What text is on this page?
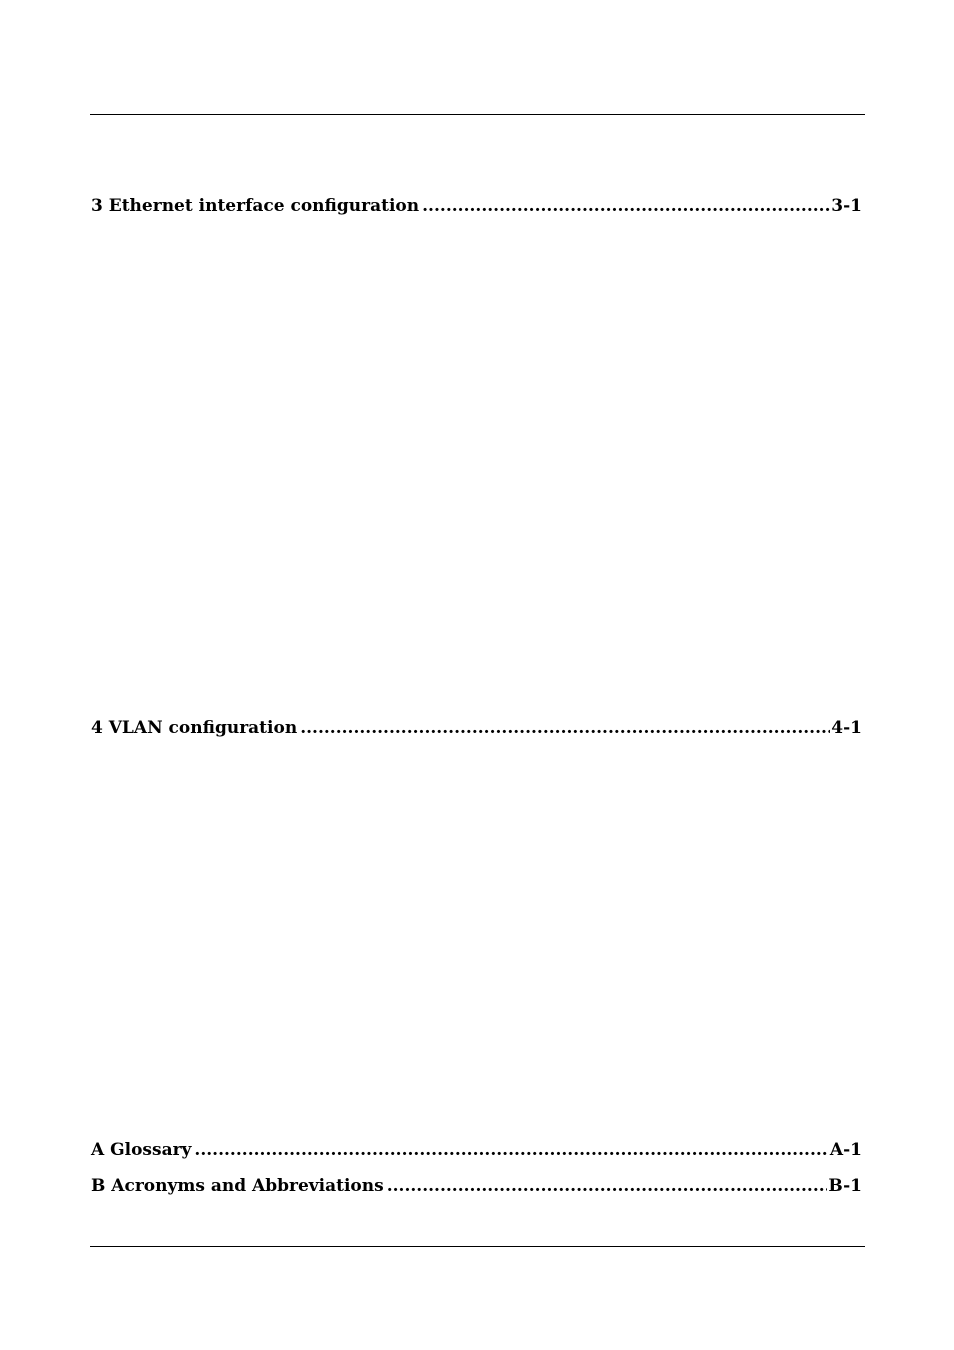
3 Ethernet interface configuration .....	3-1
4 VLAN configuration .....	4-1
A Glossary .....	A-1
B Acronyms and Abbreviations .....	B-1
